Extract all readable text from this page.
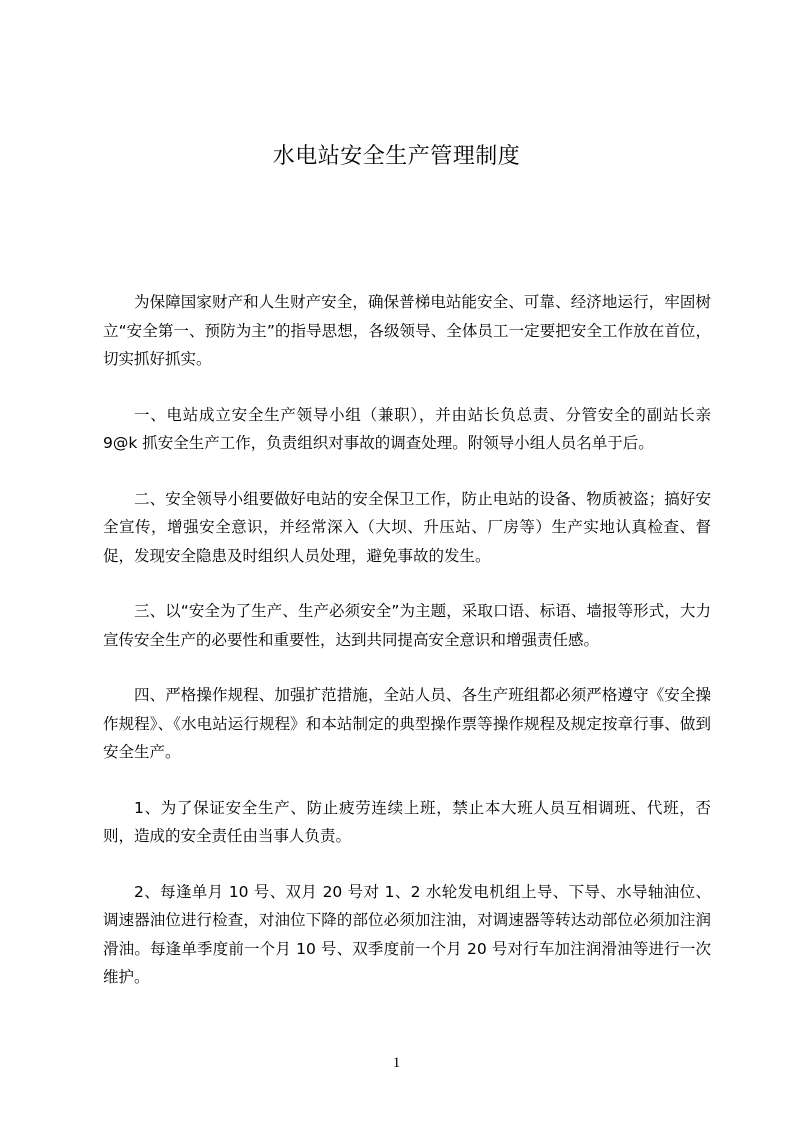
水电站安全生产管理制度

为保障国家财产和人生财产安全，确保普梯电站能安全、可靠、经济地运行，牢固树立“安全第一、预防为主”的指导思想，各级领导、全体员工一定要把安全工作放在首位，切实抓好抓实。

一、电站成立安全生产领导小组（兼职），并由站长负总责、分管安全的副站长亲9@k 抓安全生产工作，负责组织对事故的调查处理。附领导小组人员名单于后。

二、安全领导小组要做好电站的安全保卫工作，防止电站的设备、物质被盗；搞好安全宣传，增强安全意识，并经常深入（大坝、升压站、厂房等）生产实地认真检查、督促，发现安全隐患及时组织人员处理，避免事故的发生。

三、以“安全为了生产、生产必须安全”为主题，采取口语、标语、墙报等形式，大力宣传安全生产的必要性和重要性，达到共同提高安全意识和增强责任感。

四、严格操作规程、加强扩范措施，全站人员、各生产班组都必须严格遵守《安全操作规程》、《水电站运行规程》和本站制定的典型操作票等操作规程及规定按章行事、做到安全生产。

1、为了保证安全生产、防止疲劳连续上班，禁止本大班人员互相调班、代班，否则，造成的安全责任由当事人负责。

2、每逢单月 10 号、双月 20 号对 1、2 水轮发电机组上导、下导、水导轴油位、调速器油位进行检查，对油位下降的部位必须加注油，对调速器等转达动部位必须加注润滑油。每逢单季度前一个月 10 号、双季度前一个月 20 号对行车加注润滑油等进行一次维护。

1
